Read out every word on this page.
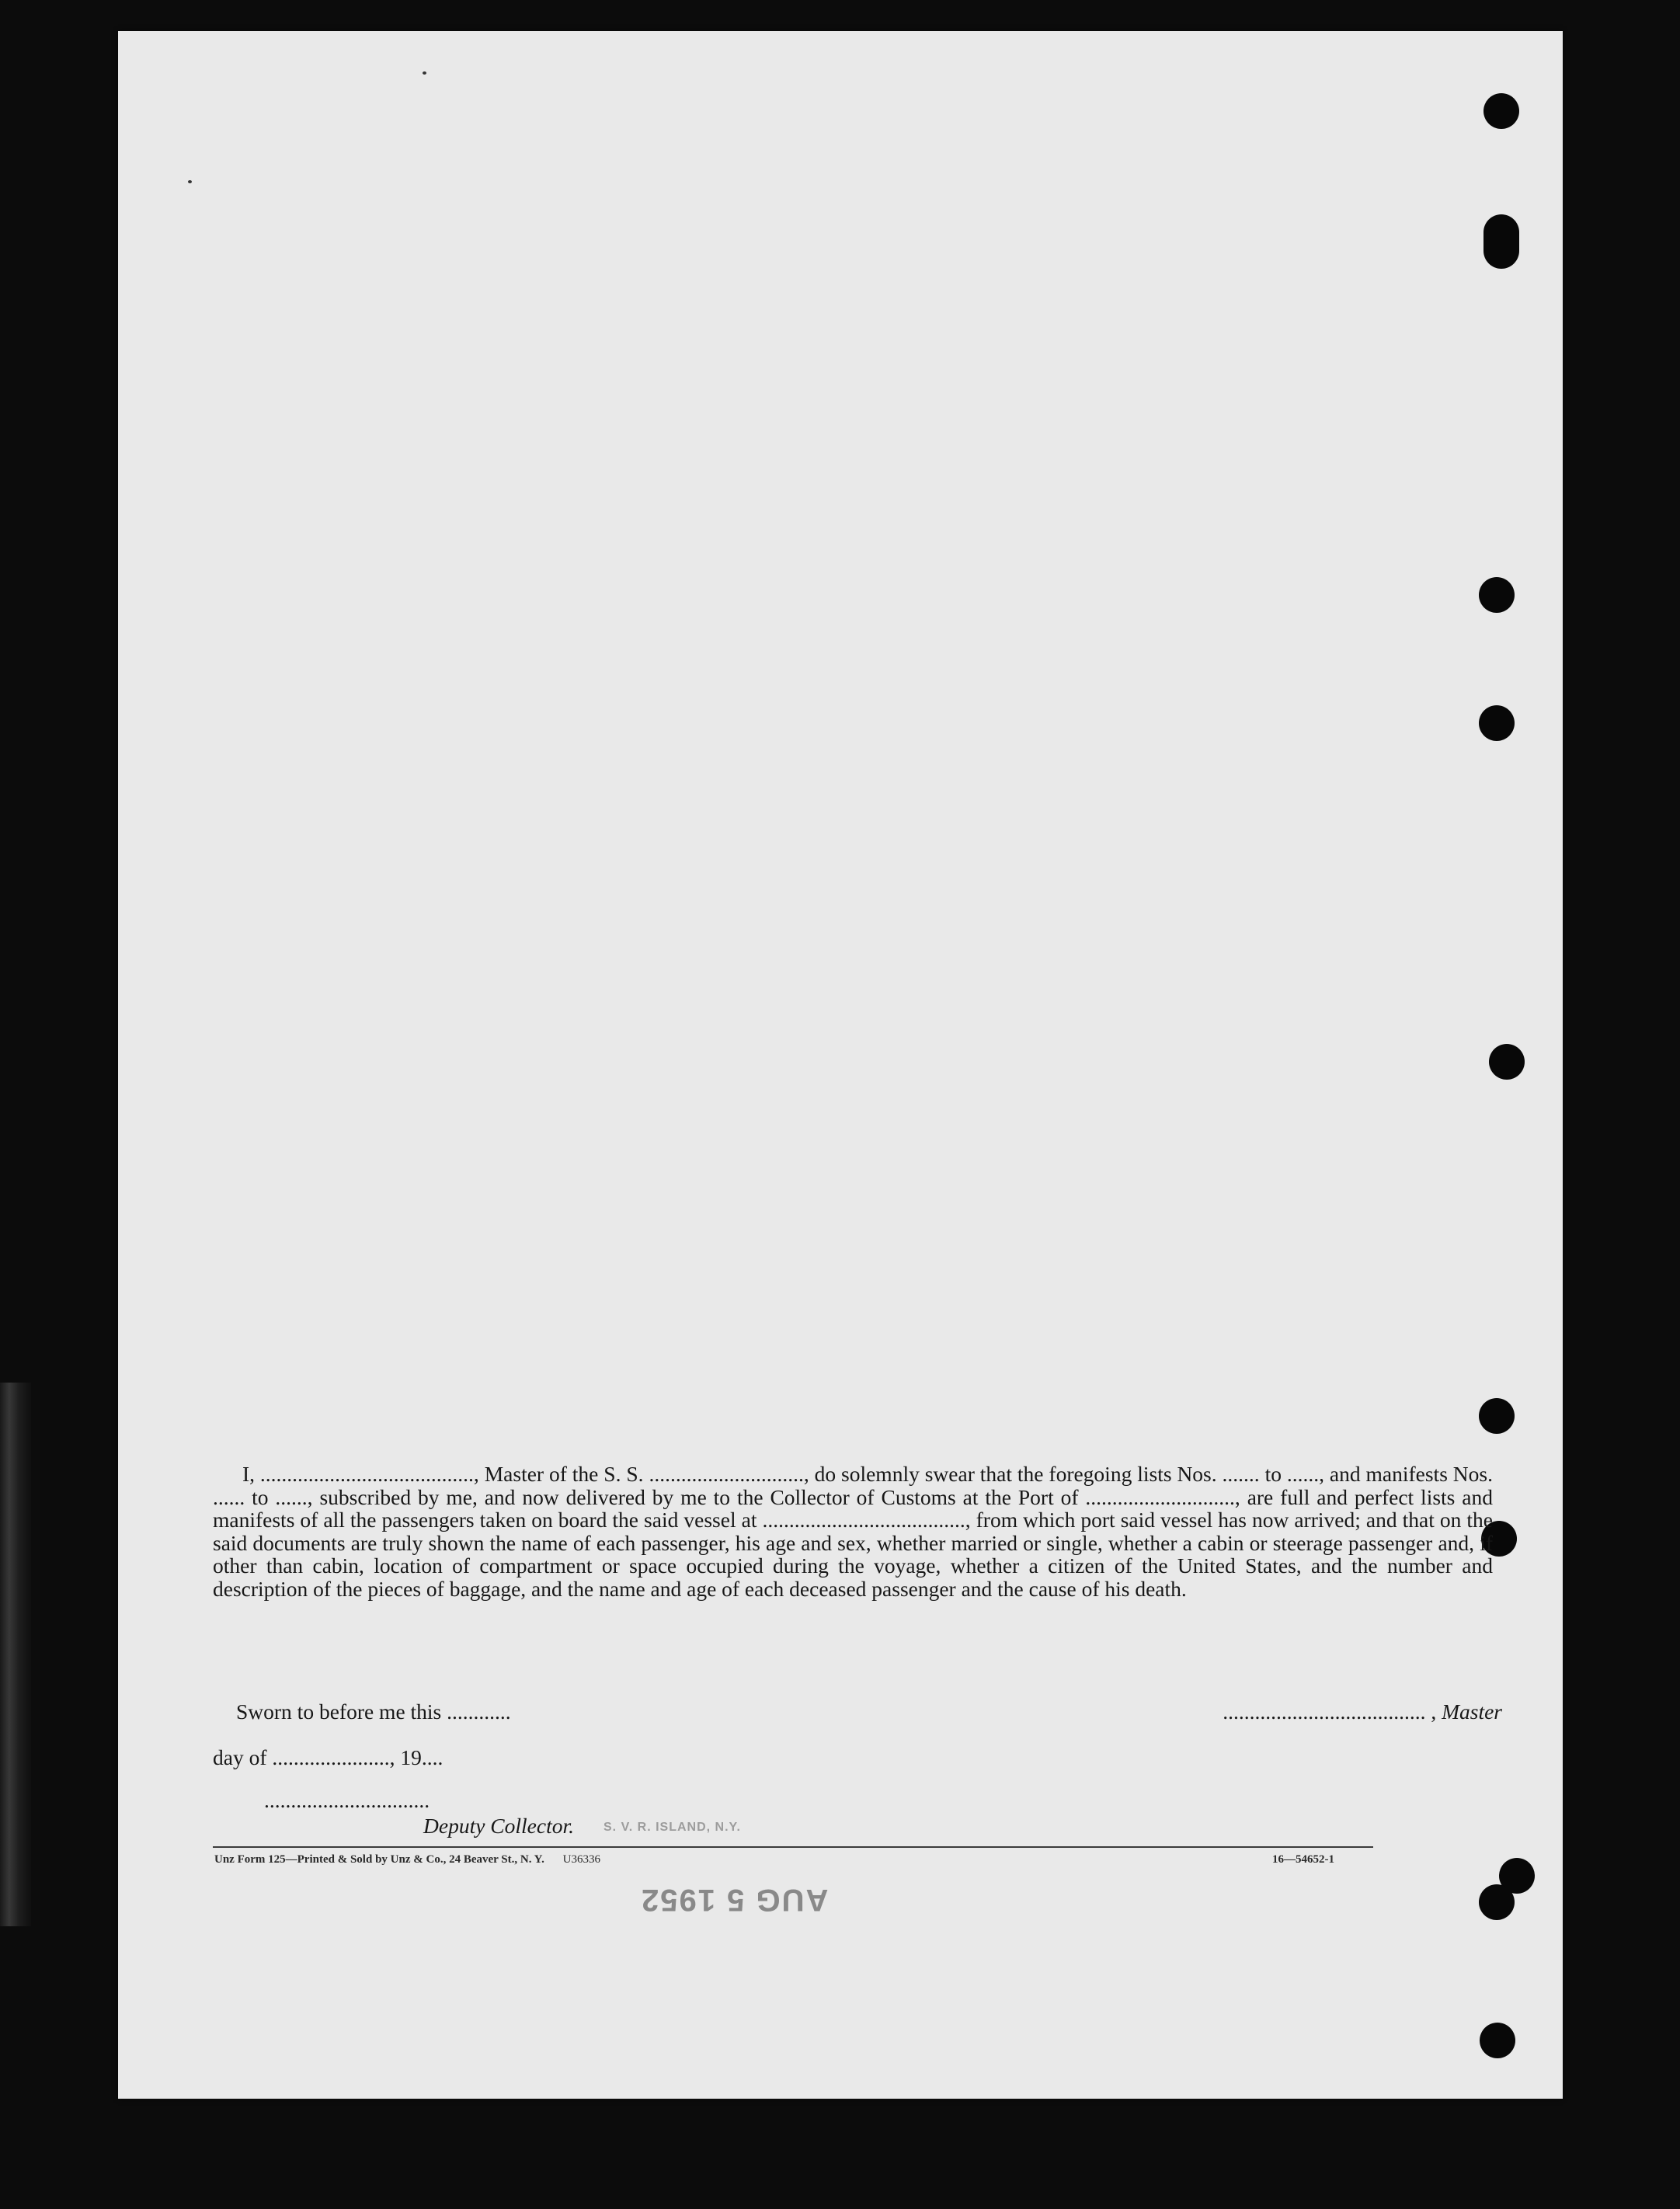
I, ........................................, Master of the S. S. ............................., do solemnly swear that the foregoing lists Nos. ....... to ......, and manifests Nos. ...... to ......, subscribed by me, and now delivered by me to the Collector of Customs at the Port of ............................, are full and perfect lists and manifests of all the passengers taken on board the said vessel at ......................................, from which port said vessel has now arrived; and that on the said documents are truly shown the name of each passenger, his age and sex, whether married or single, whether a cabin or steerage passenger and, if other than cabin, location of compartment or space occupied during the voyage, whether a citizen of the United States, and the number and description of the pieces of baggage, and the name and age of each deceased passenger and the cause of his death.

Sworn to before me this ............	...................................... , Master
day of ......................, 19....
...............................
Deputy Collector. S. V. R. ISLAND, N.Y.
Unz Form 125—Printed & Sold by Unz & Co., 24 Beaver St., N. Y. U36336	16—54652-1
AUG 5 1952
